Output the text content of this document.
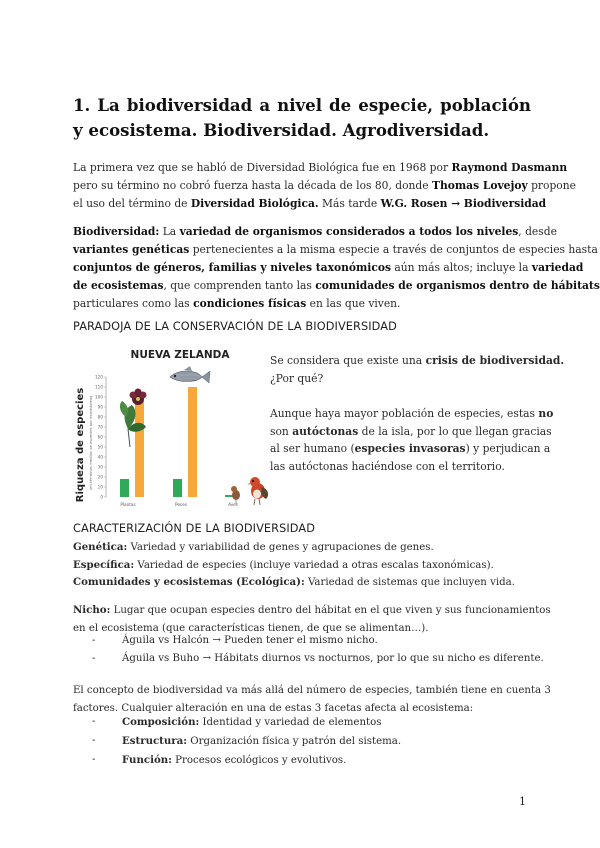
1. La biodiversidad a nivel de especie, población y ecosistema. Biodiversidad. Agrodiversidad.
La primera vez que se habló de Diversidad Biológica fue en 1968 por Raymond Dasmann
pero su término no cobró fuerza hasta la década de los 80, donde Thomas Lovejoy propone
el uso del término de Diversidad Biológica. Más tarde W.G. Rosen → Biodiversidad
Biodiversidad: La variedad de organismos considerados a todos los niveles, desde
variantes genéticas pertenecientes a la misma especie a través de conjuntos de especies hasta
conjuntos de géneros, familias y niveles taxonómicos aún más altos; incluye la variedad
de ecosistemas, que comprenden tanto las comunidades de organismos dentro de hábitats
particulares como las condiciones físicas en las que viven.
PARADOJA DE LA CONSERVACIÓN DE LA BIODIVERSIDAD
NUEVA ZELANDA
Riqueza de especies (en términos medios de especies por ecosistema)
0
10
20
30
40
50
60
70
80
90
100
110
120
Plantas	Peces	Aves
Se considera que existe una crisis de biodiversidad.
¿Por qué?
Aunque haya mayor población de especies, estas no
son autóctonas de la isla, por lo que llegan gracias
al ser humano (especies invasoras) y perjudican a
las autóctonas haciéndose con el territorio.
CARACTERIZACIÓN DE LA BIODIVERSIDAD
Genética: Variedad y variabilidad de genes y agrupaciones de genes.
Específica: Variedad de especies (incluye variedad a otras escalas taxonómicas).
Comunidades y ecosistemas (Ecológica): Variedad de sistemas que incluyen vida.
Nicho: Lugar que ocupan especies dentro del hábitat en el que viven y sus funcionamientos
en el ecosistema (que características tienen, de que se alimentan…).
-	Águila vs Halcón → Pueden tener el mismo nicho.
-	Águila vs Buho → Hábitats diurnos vs nocturnos, por lo que su nicho es diferente.
El concepto de biodiversidad va más allá del número de especies, también tiene en cuenta 3
factores. Cualquier alteración en una de estas 3 facetas afecta al ecosistema:
-	Composición: Identidad y variedad de elementos
-	Estructura: Organización física y patrón del sistema.
-	Función: Procesos ecológicos y evolutivos.
1
